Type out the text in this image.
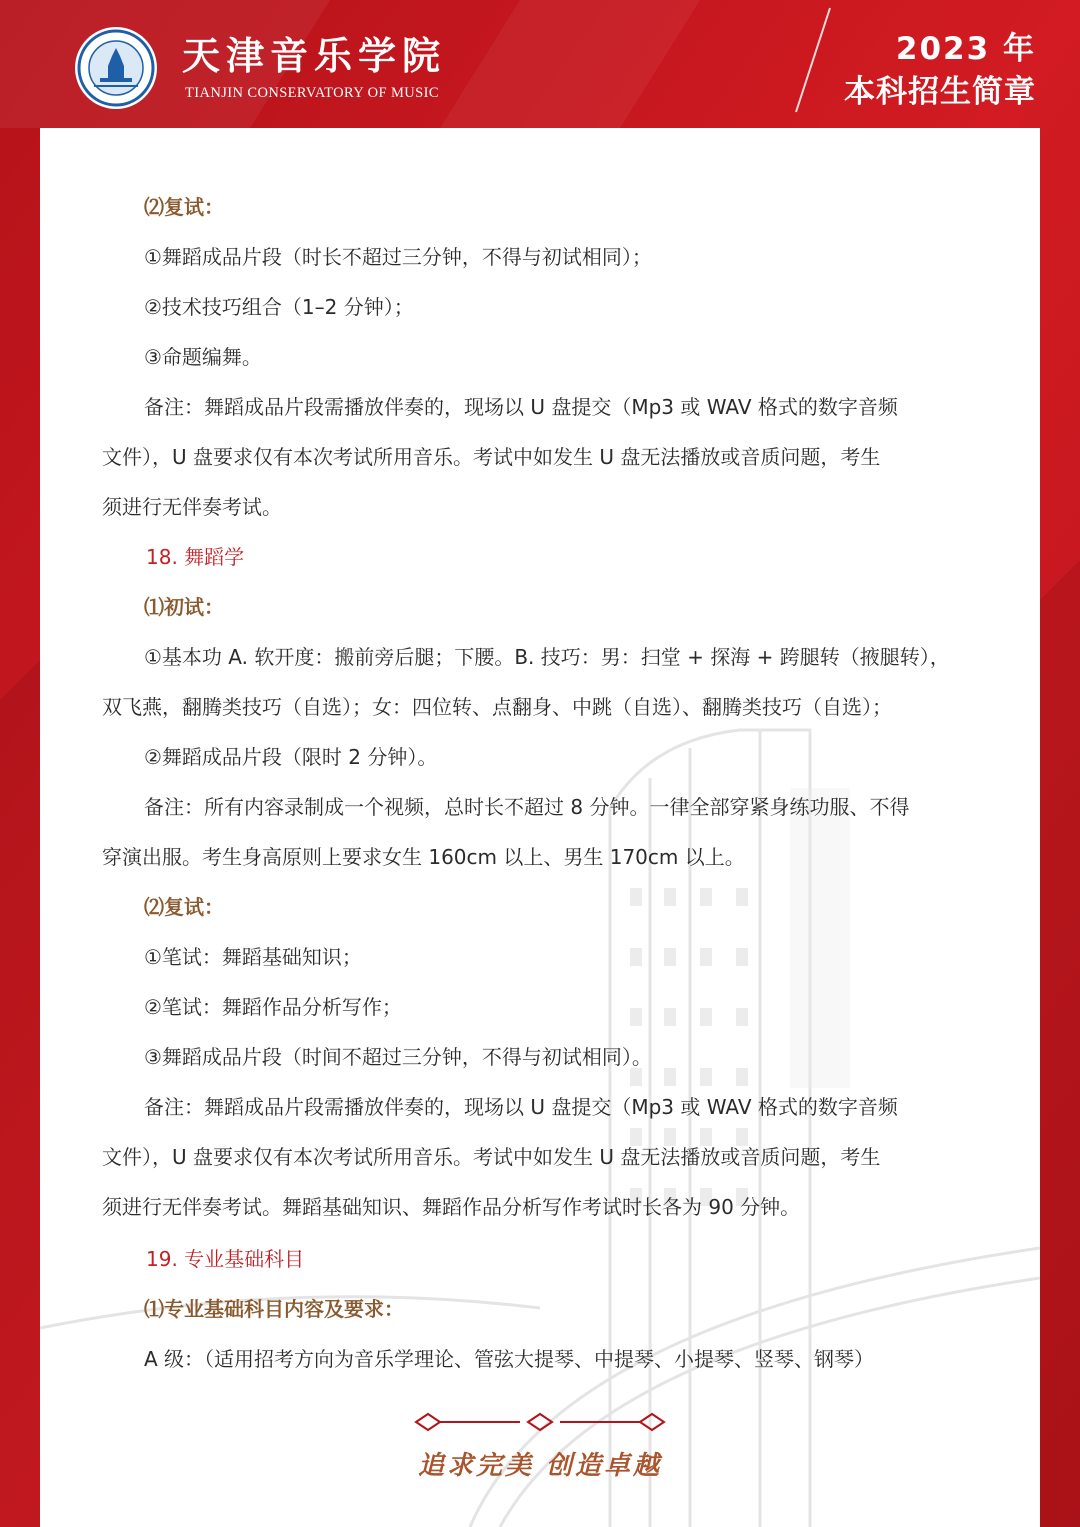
天津音乐学院
TIANJIN CONSERVATORY OF MUSIC
2023 年
本科招生简章
⑵复试：
①舞蹈成品片段（时长不超过三分钟，不得与初试相同）；
②技术技巧组合（1–2 分钟）；
③命题编舞。
备注：舞蹈成品片段需播放伴奏的，现场以 U 盘提交（Mp3 或 WAV 格式的数字音频
文件），U 盘要求仅有本次考试所用音乐。考试中如发生 U 盘无法播放或音质问题，考生
须进行无伴奏考试。
18. 舞蹈学
⑴初试：
①基本功 A. 软开度：搬前旁后腿；下腰。B. 技巧：男：扫堂 + 探海 + 跨腿转（掖腿转），
双飞燕，翻腾类技巧（自选）；女：四位转、点翻身、中跳（自选）、翻腾类技巧（自选）；
②舞蹈成品片段（限时 2 分钟）。
备注：所有内容录制成一个视频，总时长不超过 8 分钟。一律全部穿紧身练功服、不得
穿演出服。考生身高原则上要求女生 160cm 以上、男生 170cm 以上。
⑵复试：
①笔试：舞蹈基础知识；
②笔试：舞蹈作品分析写作；
③舞蹈成品片段（时间不超过三分钟，不得与初试相同）。
备注：舞蹈成品片段需播放伴奏的，现场以 U 盘提交（Mp3 或 WAV 格式的数字音频
文件），U 盘要求仅有本次考试所用音乐。考试中如发生 U 盘无法播放或音质问题，考生
须进行无伴奏考试。舞蹈基础知识、舞蹈作品分析写作考试时长各为 90 分钟。
19. 专业基础科目
⑴专业基础科目内容及要求：
A 级：（适用招考方向为音乐学理论、管弦大提琴、中提琴、小提琴、竖琴、钢琴）
追求完美 创造卓越
